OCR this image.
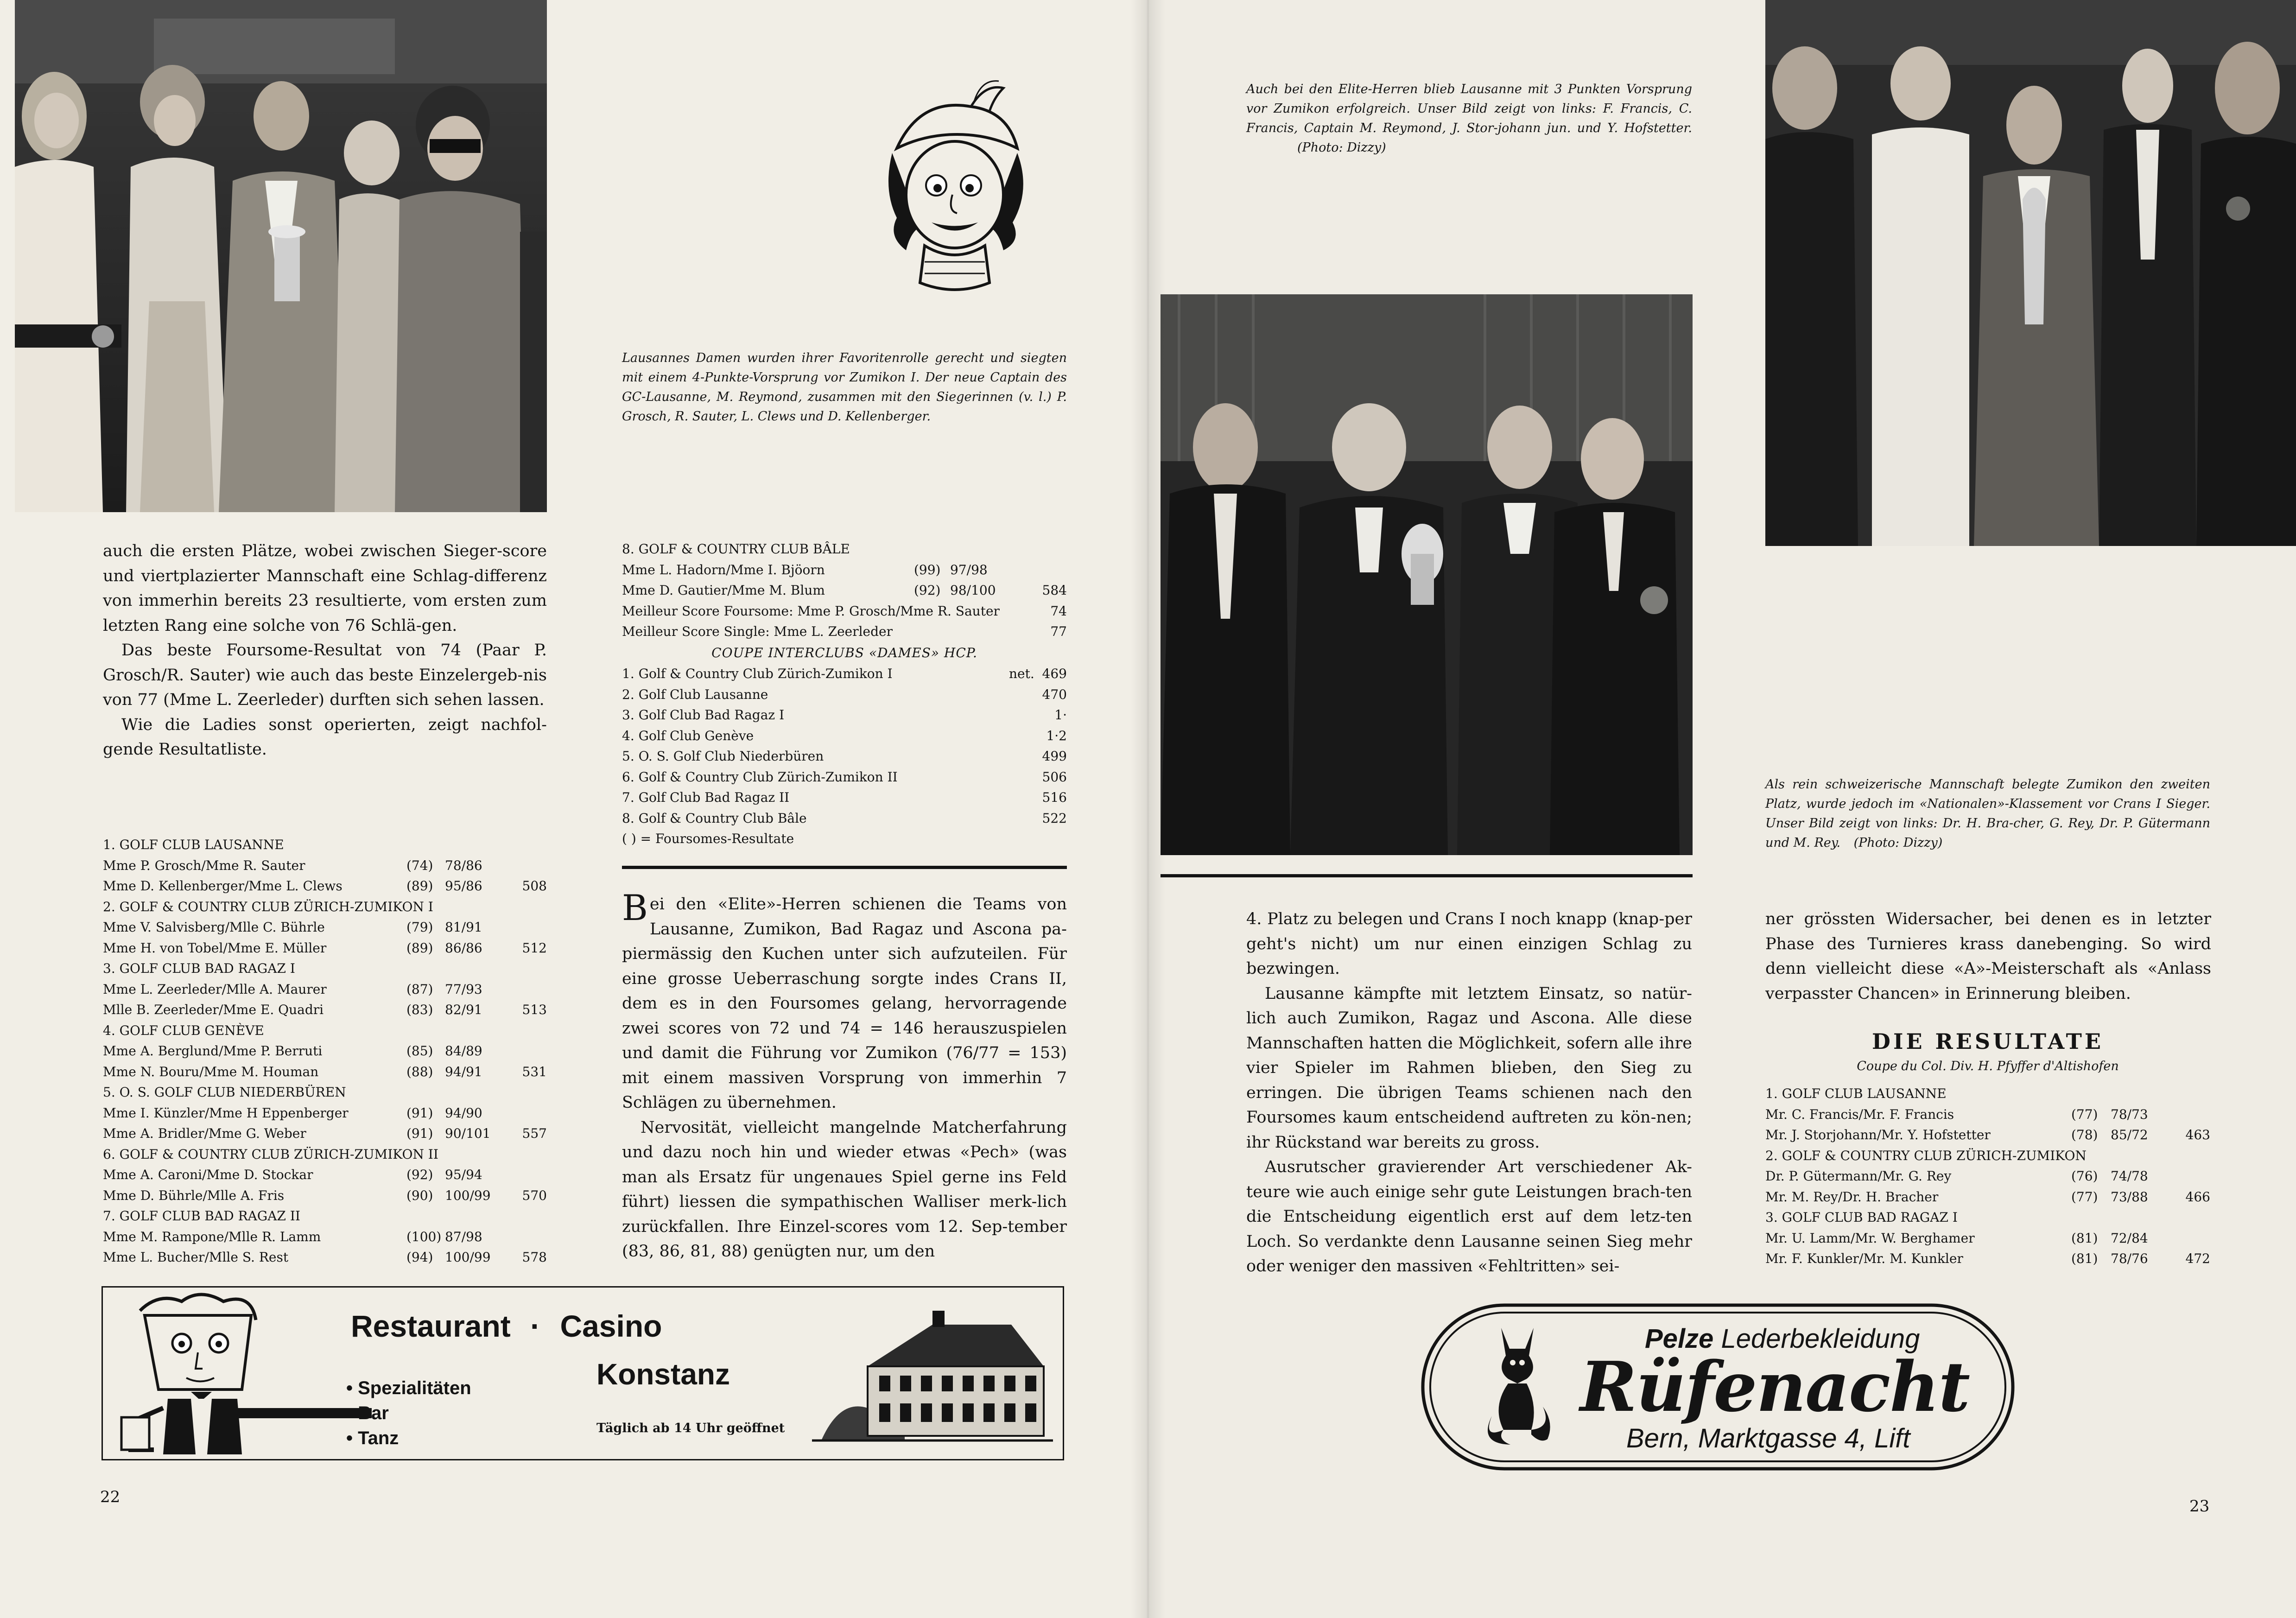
Lausannes Damen wurden ihrer Favoritenrolle gerecht und siegten mit einem 4-Punkte-Vorsprung vor Zumikon I. Der neue Captain des GC-Lausanne, M. Reymond, zusammen mit den Siegerinnen (v. l.) P. Grosch, R. Sauter, L. Clews und D. Kellenberger.

auch die ersten Plätze, wobei zwischen Sieger-score und viertplazierter Mannschaft eine Schlag-differenz von immerhin bereits 23 resultierte, vom ersten zum letzten Rang eine solche von 76 Schlä-gen.

Das beste Foursome-Resultat von 74 (Paar P. Grosch/R. Sauter) wie auch das beste Einzelergeb-nis von 77 (Mme L. Zeerleder) durften sich sehen lassen.

Wie die Ladies sonst operierten, zeigt nachfol-gende Resultatliste.

1. GOLF CLUB LAUSANNE
Mme P. Grosch/Mme R. Sauter	(74) 78/86
Mme D. Kellenberger/Mme L. Clews	(89) 95/86	508
2. GOLF & COUNTRY CLUB ZÜRICH-ZUMIKON I
Mme V. Salvisberg/Mlle C. Bührle	(79) 81/91
Mme H. von Tobel/Mme E. Müller	(89) 86/86	512
3. GOLF CLUB BAD RAGAZ I
Mme L. Zeerleder/Mlle A. Maurer	(87) 77/93
Mlle B. Zeerleder/Mme E. Quadri	(83) 82/91	513
4. GOLF CLUB GENÈVE
Mme A. Berglund/Mme P. Berruti	(85) 84/89
Mme N. Bouru/Mme M. Houman	(88) 94/91	531
5. O. S. GOLF CLUB NIEDERBÜREN
Mme I. Künzler/Mme H Eppenberger	(91) 94/90
Mme A. Bridler/Mme G. Weber	(91) 90/101 557
6. GOLF & COUNTRY CLUB ZÜRICH-ZUMIKON II
Mme A. Caroni/Mme D. Stockar	(92) 95/94
Mme D. Bührle/Mlle A. Fris	(90) 100/99 570
7. GOLF CLUB BAD RAGAZ II
Mme M. Rampone/Mlle R. Lamm	(100) 87/98
Mme L. Bucher/Mlle S. Rest	(94) 100/99 578
8. GOLF & COUNTRY CLUB BÂLE
Mme L. Hadorn/Mme I. Bjöorn	(99) 97/98
Mme D. Gautier/Mme M. Blum	(92) 98/100	584
Meilleur Score Foursome: Mme P. Grosch/Mme R. Sauter	74
Meilleur Score Single: Mme L. Zeerleder	77
COUPE INTERCLUBS «DAMES» HCP.
1. Golf & Country Club Zürich-Zumikon I	net. 469
2. Golf Club Lausanne	470
3. Golf Club Bad Ragaz I	1·
4. Golf Club Genève	1·2
5. O. S. Golf Club Niederbüren	499
6. Golf & Country Club Zürich-Zumikon II	506
7. Golf Club Bad Ragaz II	516
8. Golf & Country Club Bâle	522
( ) = Foursomes-Resultate

Bei den «Elite»-Herren schienen die Teams von Lausanne, Zumikon, Bad Ragaz und Ascona pa-piermässig den Kuchen unter sich aufzuteilen. Für eine grosse Ueberraschung sorgte indes Crans II, dem es in den Foursomes gelang, hervorragende zwei scores von 72 und 74 = 146 herauszuspielen und damit die Führung vor Zumikon (76/77 = 153) mit einem massiven Vorsprung von immerhin 7 Schlägen zu übernehmen.

Nervosität, vielleicht mangelnde Matcherfahrung und dazu noch hin und wieder etwas «Pech» (was man als Ersatz für ungenaues Spiel gerne ins Feld führt) liessen die sympathischen Walliser merk-lich zurückfallen. Ihre Einzel-scores vom 12. Sep-tember (83, 86, 81, 88) genügten nur, um den

Restaurant · Casino
Konstanz
• Spezialitäten
• Bar
• Tanz	Täglich ab 14 Uhr geöffnet
22
Auch bei den Elite-Herren blieb Lausanne mit 3 Punkten Vorsprung vor Zumikon erfolgreich. Unser Bild zeigt von links: F. Francis, C. Francis, Captain M. Reymond, J. Stor-johann jun. und Y. Hofstetter. (Photo: Dizzy)
Als rein schweizerische Mannschaft belegte Zumikon den zweiten Platz, wurde jedoch im «Nationalen»-Klassement vor Crans I Sieger. Unser Bild zeigt von links: Dr. H. Bra-cher, G. Rey, Dr. P. Gütermann und M. Rey. (Photo: Dizzy)

4. Platz zu belegen und Crans I noch knapp (knap-per geht's nicht) um nur einen einzigen Schlag zu bezwingen.

Lausanne kämpfte mit letztem Einsatz, so natür-lich auch Zumikon, Ragaz und Ascona. Alle diese Mannschaften hatten die Möglichkeit, sofern alle ihre vier Spieler im Rahmen blieben, den Sieg zu erringen. Die übrigen Teams schienen nach den Foursomes kaum entscheidend auftreten zu kön-nen; ihr Rückstand war bereits zu gross.

Ausrutscher gravierender Art verschiedener Ak-teure wie auch einige sehr gute Leistungen brach-ten die Entscheidung eigentlich erst auf dem letz-ten Loch. So verdankte denn Lausanne seinen Sieg mehr oder weniger den massiven «Fehltritten» sei-

ner grössten Widersacher, bei denen es in letzter Phase des Turnieres krass danebenging. So wird denn vielleicht diese «A»-Meisterschaft als «Anlass verpasster Chancen» in Erinnerung bleiben.

DIE RESULTATE
Coupe du Col. Div. H. Pfyffer d'Altishofen
1. GOLF CLUB LAUSANNE
Mr. C. Francis/Mr. F. Francis	(77) 78/73
Mr. J. Storjohann/Mr. Y. Hofstetter	(78) 85/72	463
2. GOLF & COUNTRY CLUB ZÜRICH-ZUMIKON
Dr. P. Gütermann/Mr. G. Rey	(76) 74/78
Mr. M. Rey/Dr. H. Bracher	(77) 73/88	466
3. GOLF CLUB BAD RAGAZ I
Mr. U. Lamm/Mr. W. Berghamer	(81) 72/84
Mr. F. Kunkler/Mr. M. Kunkler	(81) 78/76	472
Pelze Lederbekleidung
Rüfenacht
Bern, Marktgasse 4, Lift
23
